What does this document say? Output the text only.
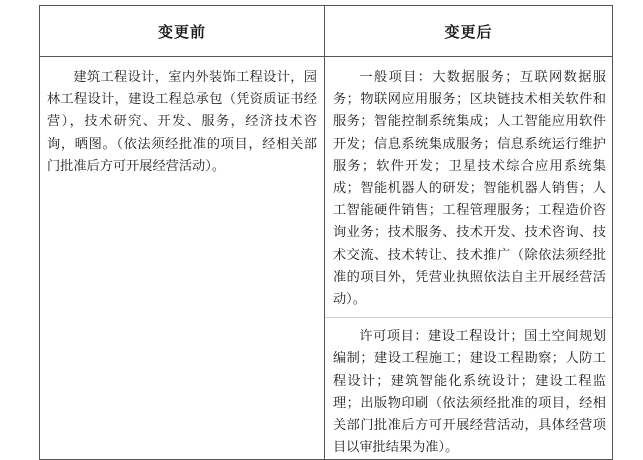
变更前	变更后

建筑工程设计，室内外装饰工程设计，园林工程设计，建设工程总承包（凭资质证书经营），技术研究、开发、服务，经济技术咨询，晒图。（依法须经批准的项目，经相关部门批准后方可开展经营活动）。	一般项目：大数据服务；互联网数据服务；物联网应用服务；区块链技术相关软件和服务；智能控制系统集成；人工智能应用软件开发；信息系统集成服务；信息系统运行维护服务；软件开发；卫星技术综合应用系统集成；智能机器人的研发；智能机器人销售；人工智能硬件销售；工程管理服务；工程造价咨询业务；技术服务、技术开发、技术咨询、技术交流、技术转让、技术推广（除依法须经批准的项目外，凭营业执照依法自主开展经营活动）。

许可项目：建设工程设计；国土空间规划编制；建设工程施工；建设工程勘察；人防工程设计；建筑智能化系统设计；建设工程监理；出版物印刷（依法须经批准的项目，经相关部门批准后方可开展经营活动，具体经营项目以审批结果为准）。
